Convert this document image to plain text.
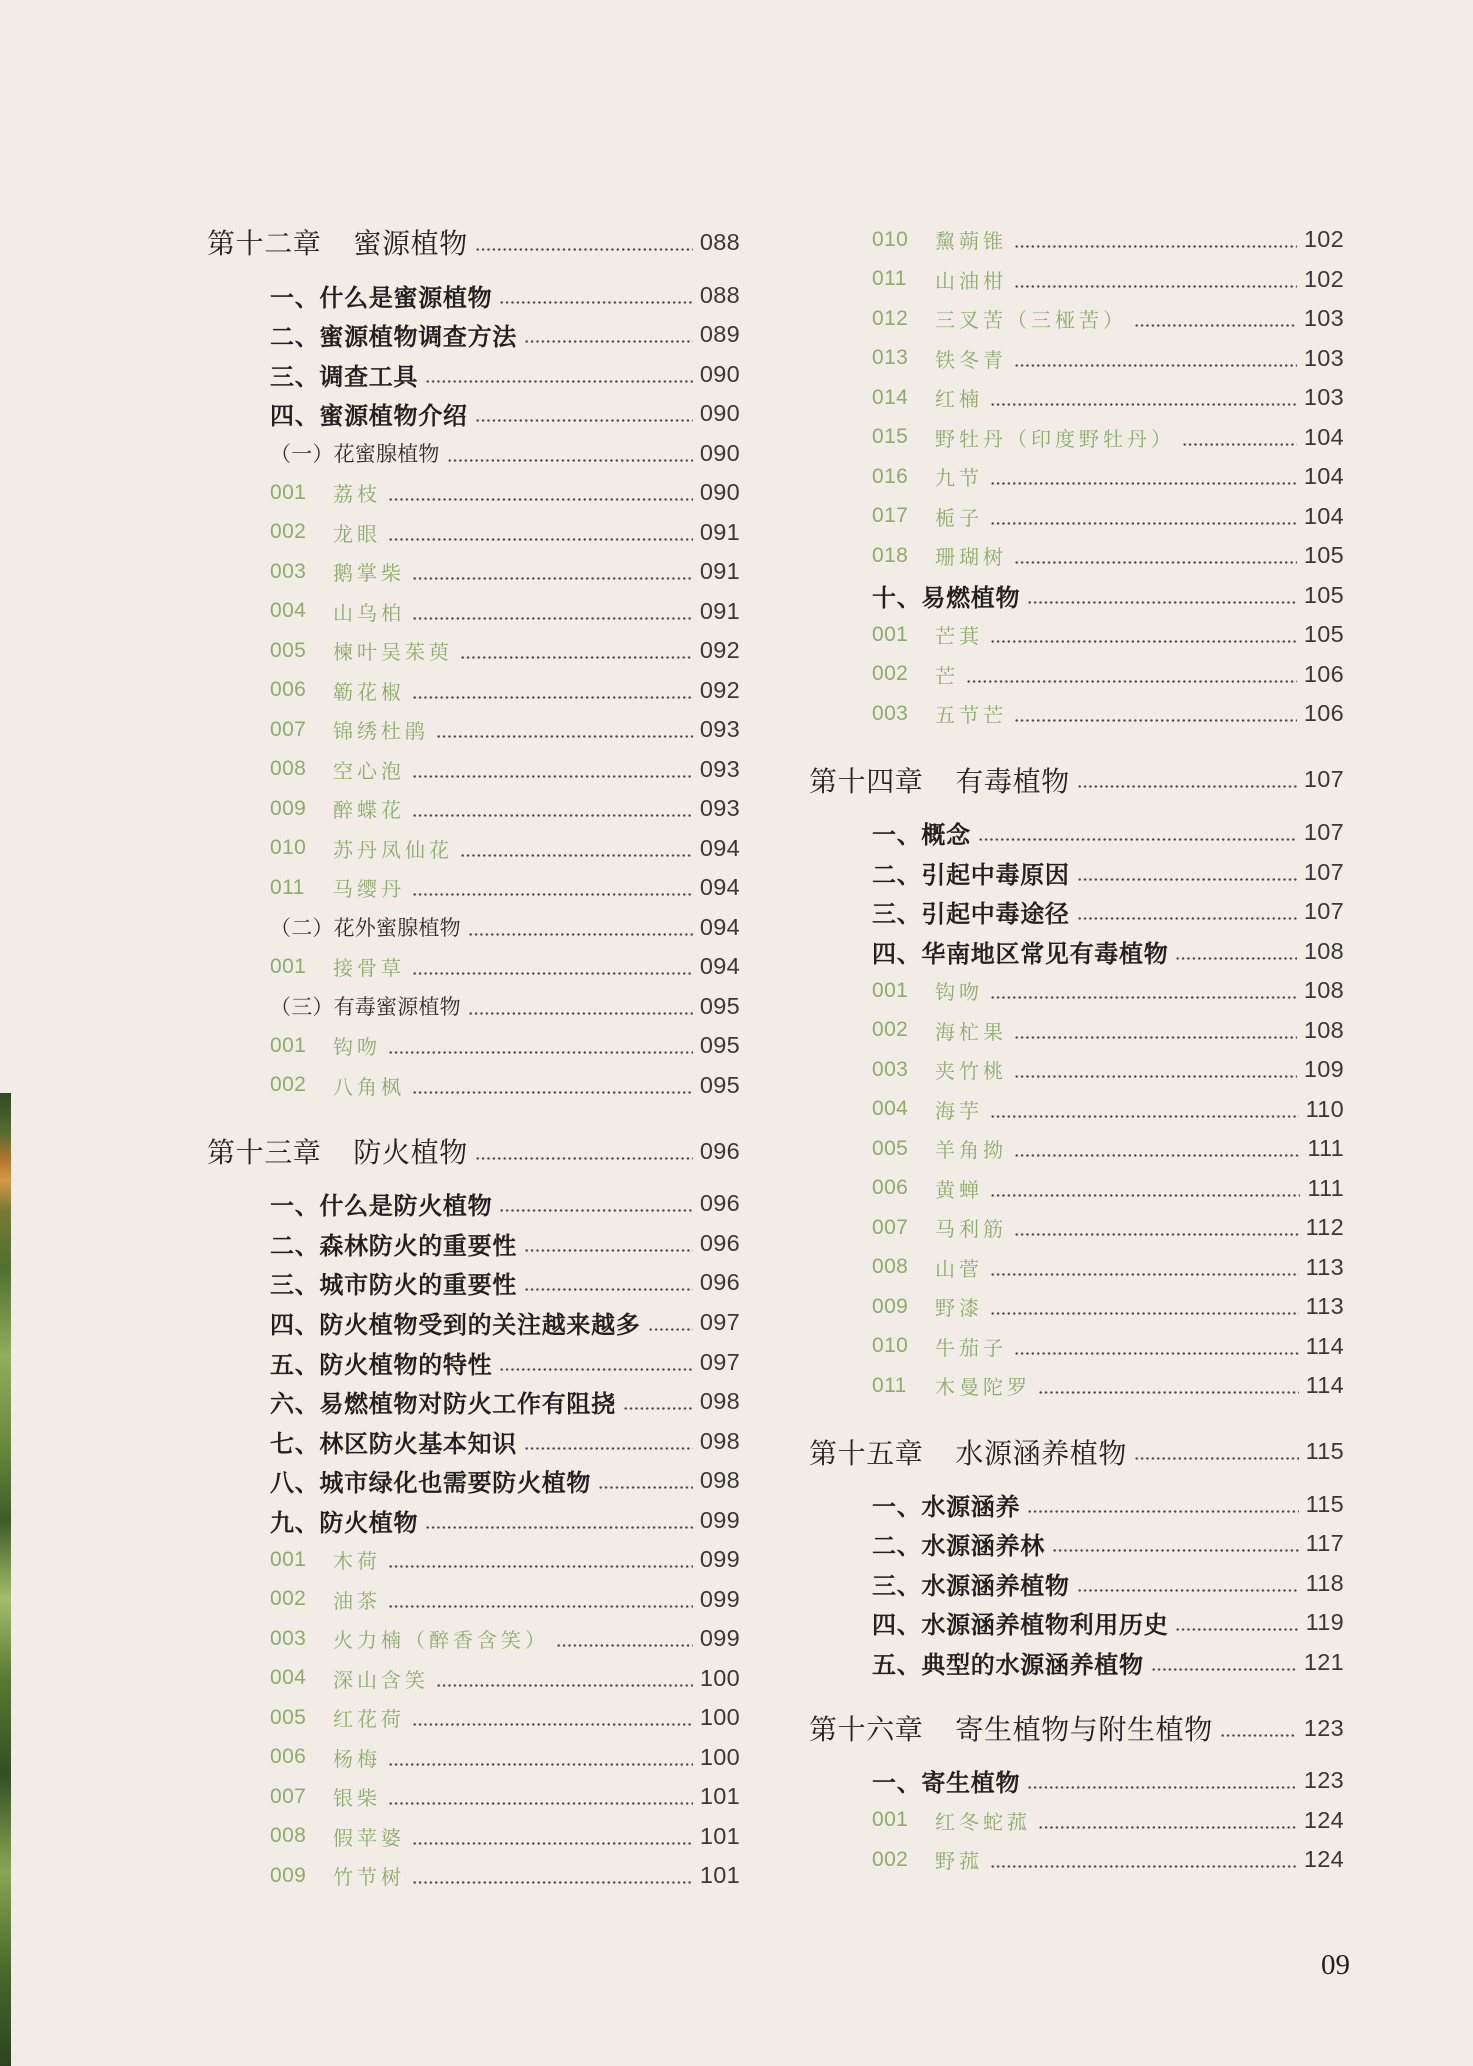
第十二章 蜜源植物	088
一、什么是蜜源植物	088
二、蜜源植物调查方法	089
三、调查工具	090
四、蜜源植物介绍	090
（一）花蜜腺植物	090
001	荔枝	090
002	龙眼	091
003	鹅掌柴	091
004	山乌柏	091
005	楝叶吴茱萸	092
006	簕花椒	092
007	锦绣杜鹃	093
008	空心泡	093
009	醉蝶花	093
010	苏丹凤仙花	094
011	马缨丹	094
（二）花外蜜腺植物	094
001	接骨草	094
（三）有毒蜜源植物	095
001	钩吻	095
002	八角枫	095
第十三章 防火植物	096
一、什么是防火植物	096
二、森林防火的重要性	096
三、城市防火的重要性	096
四、防火植物受到的关注越来越多	097
五、防火植物的特性	097
六、易燃植物对防火工作有阻挠	098
七、林区防火基本知识	098
八、城市绿化也需要防火植物	098
九、防火植物	099
001	木荷	099
002	油茶	099
003	火力楠（醉香含笑）	099
004	深山含笑	100
005	红花荷	100
006	杨梅	100
007	银柴	101
008	假苹婆	101
009	竹节树	101
010	黧蒴锥	102
011	山油柑	102
012	三叉苦（三桠苦）	103
013	铁冬青	103
014	红楠	103
015	野牡丹（印度野牡丹）	104
016	九节	104
017	栀子	104
018	珊瑚树	105
十、易燃植物	105
001	芒萁	105
002	芒	106
003	五节芒	106
第十四章 有毒植物	107
一、概念	107
二、引起中毒原因	107
三、引起中毒途径	107
四、华南地区常见有毒植物	108
001	钩吻	108
002	海杧果	108
003	夹竹桃	109
004	海芋	110
005	羊角拗	111
006	黄蝉	111
007	马利筋	112
008	山菅	113
009	野漆	113
010	牛茄子	114
011	木曼陀罗	114
第十五章 水源涵养植物	115
一、水源涵养	115
二、水源涵养林	117
三、水源涵养植物	118
四、水源涵养植物利用历史	119
五、典型的水源涵养植物	121
第十六章 寄生植物与附生植物	123
一、寄生植物	123
001	红冬蛇菰	124
002	野菰	124
09
